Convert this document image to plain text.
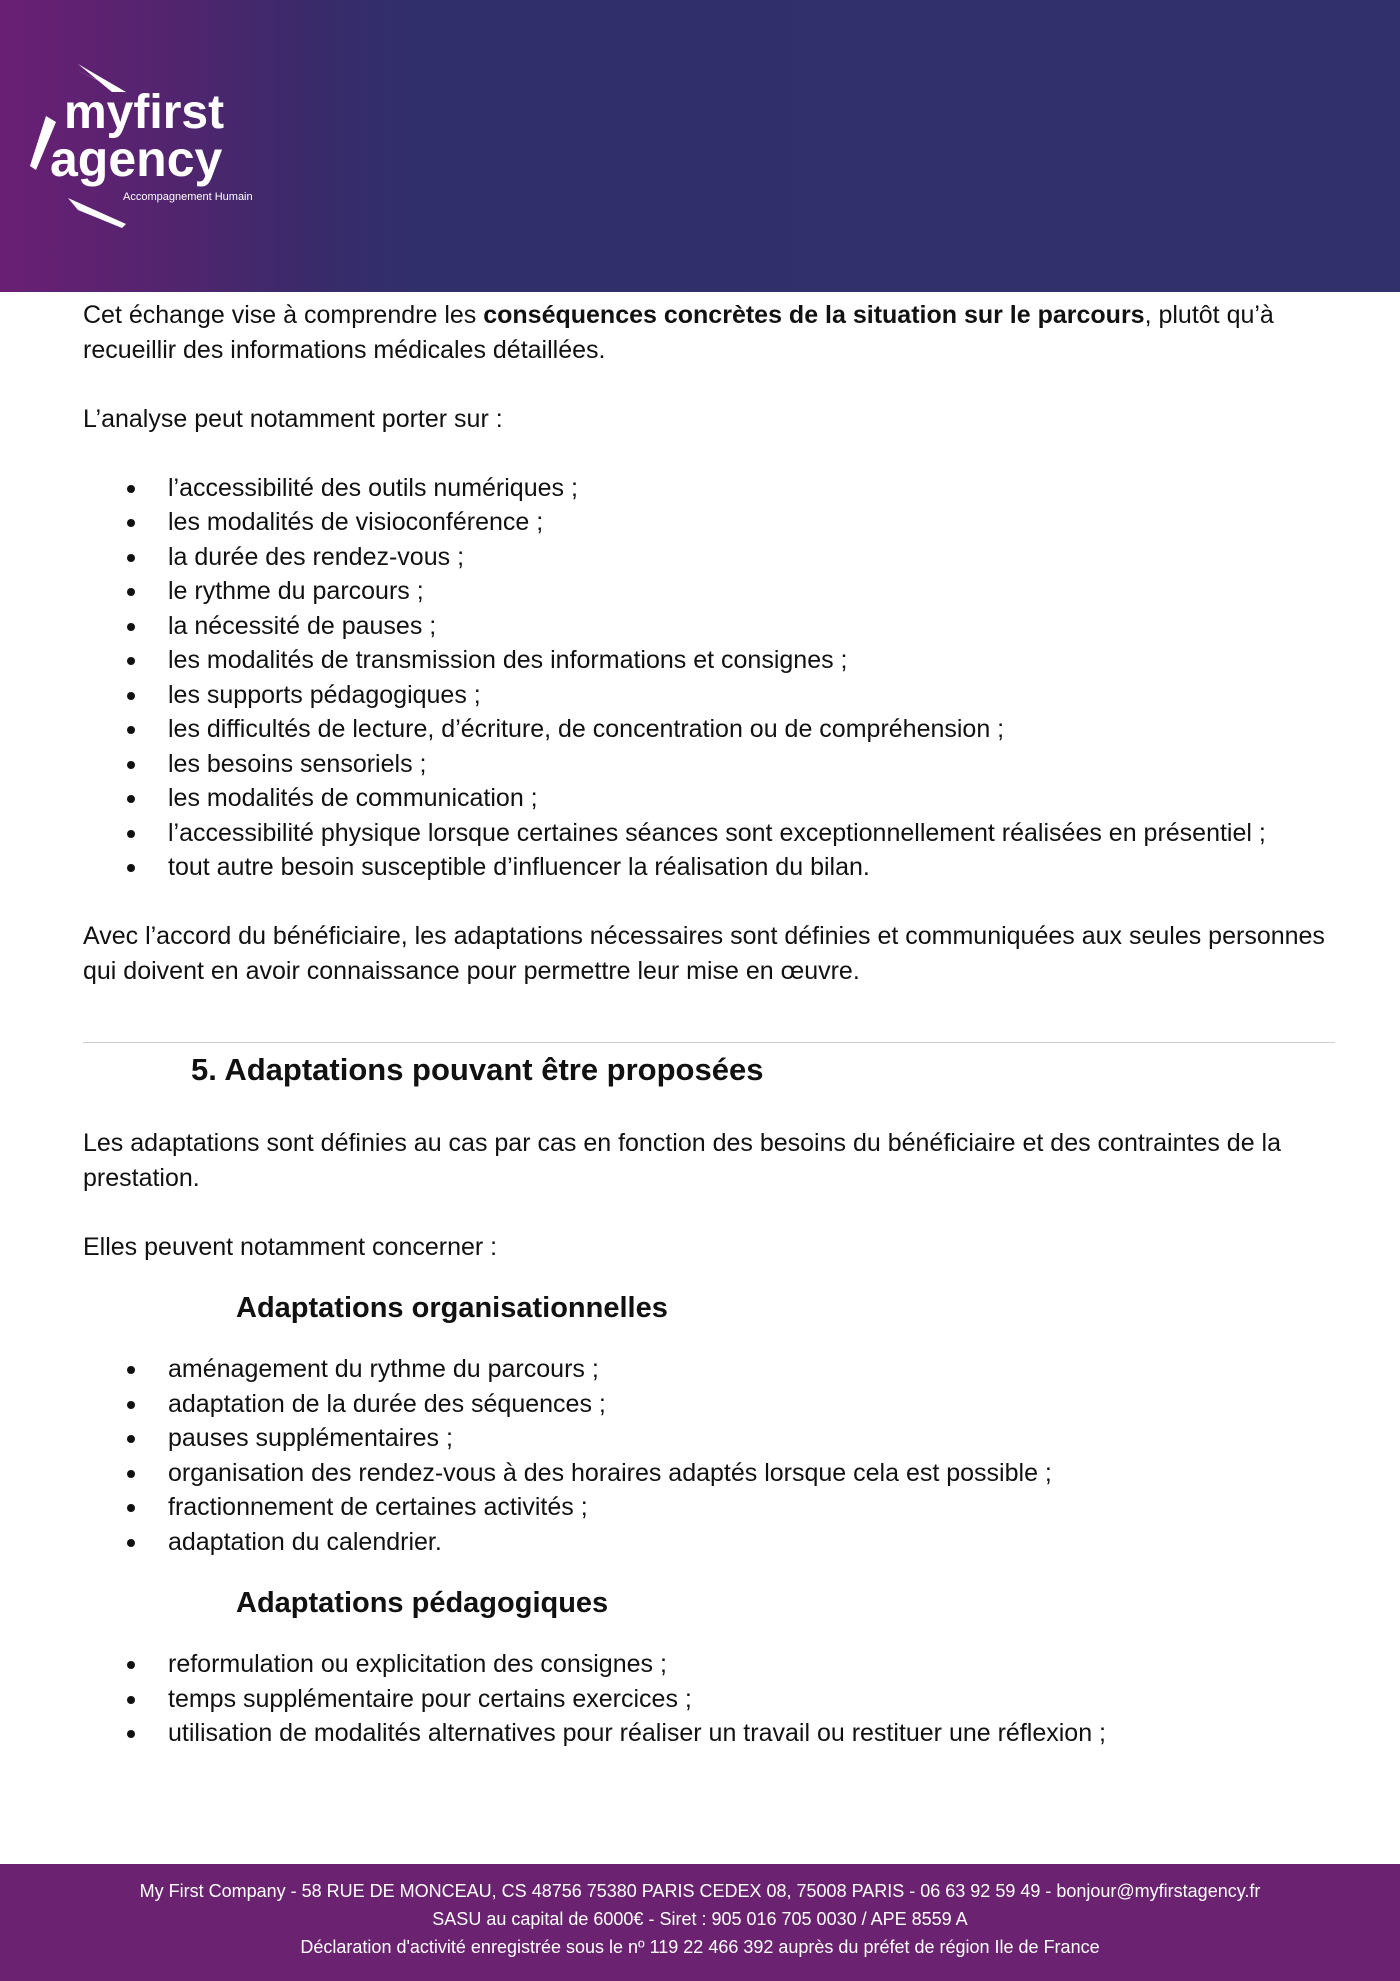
myfirst
agency
Accompagnement Humain

Cet échange vise à comprendre les conséquences concrètes de la situation sur le parcours, plutôt qu’à recueillir des informations médicales détaillées.

L’analyse peut notamment porter sur :

l’accessibilité des outils numériques ;
les modalités de visioconférence ;
la durée des rendez-vous ;
le rythme du parcours ;
la nécessité de pauses ;
les modalités de transmission des informations et consignes ;
les supports pédagogiques ;
les difficultés de lecture, d’écriture, de concentration ou de compréhension ;
les besoins sensoriels ;
les modalités de communication ;
l’accessibilité physique lorsque certaines séances sont exceptionnellement réalisées en présentiel ;
tout autre besoin susceptible d’influencer la réalisation du bilan.

Avec l’accord du bénéficiaire, les adaptations nécessaires sont définies et communiquées aux seules personnes qui doivent en avoir connaissance pour permettre leur mise en œuvre.

5. Adaptations pouvant être proposées

Les adaptations sont définies au cas par cas en fonction des besoins du bénéficiaire et des contraintes de la prestation.

Elles peuvent notamment concerner :

Adaptations organisationnelles
aménagement du rythme du parcours ;
adaptation de la durée des séquences ;
pauses supplémentaires ;
organisation des rendez-vous à des horaires adaptés lorsque cela est possible ;
fractionnement de certaines activités ;
adaptation du calendrier.
Adaptations pédagogiques
reformulation ou explicitation des consignes ;
temps supplémentaire pour certains exercices ;
utilisation de modalités alternatives pour réaliser un travail ou restituer une réflexion ;
My First Company - 58 RUE DE MONCEAU, CS 48756 75380 PARIS CEDEX 08, 75008 PARIS - 06 63 92 59 49 - bonjour@myfirstagency.fr
SASU au capital de 6000€ - Siret : 905 016 705 0030 / APE 8559 A
Déclaration d'activité enregistrée sous le nº 119 22 466 392 auprès du préfet de région Ile de France
